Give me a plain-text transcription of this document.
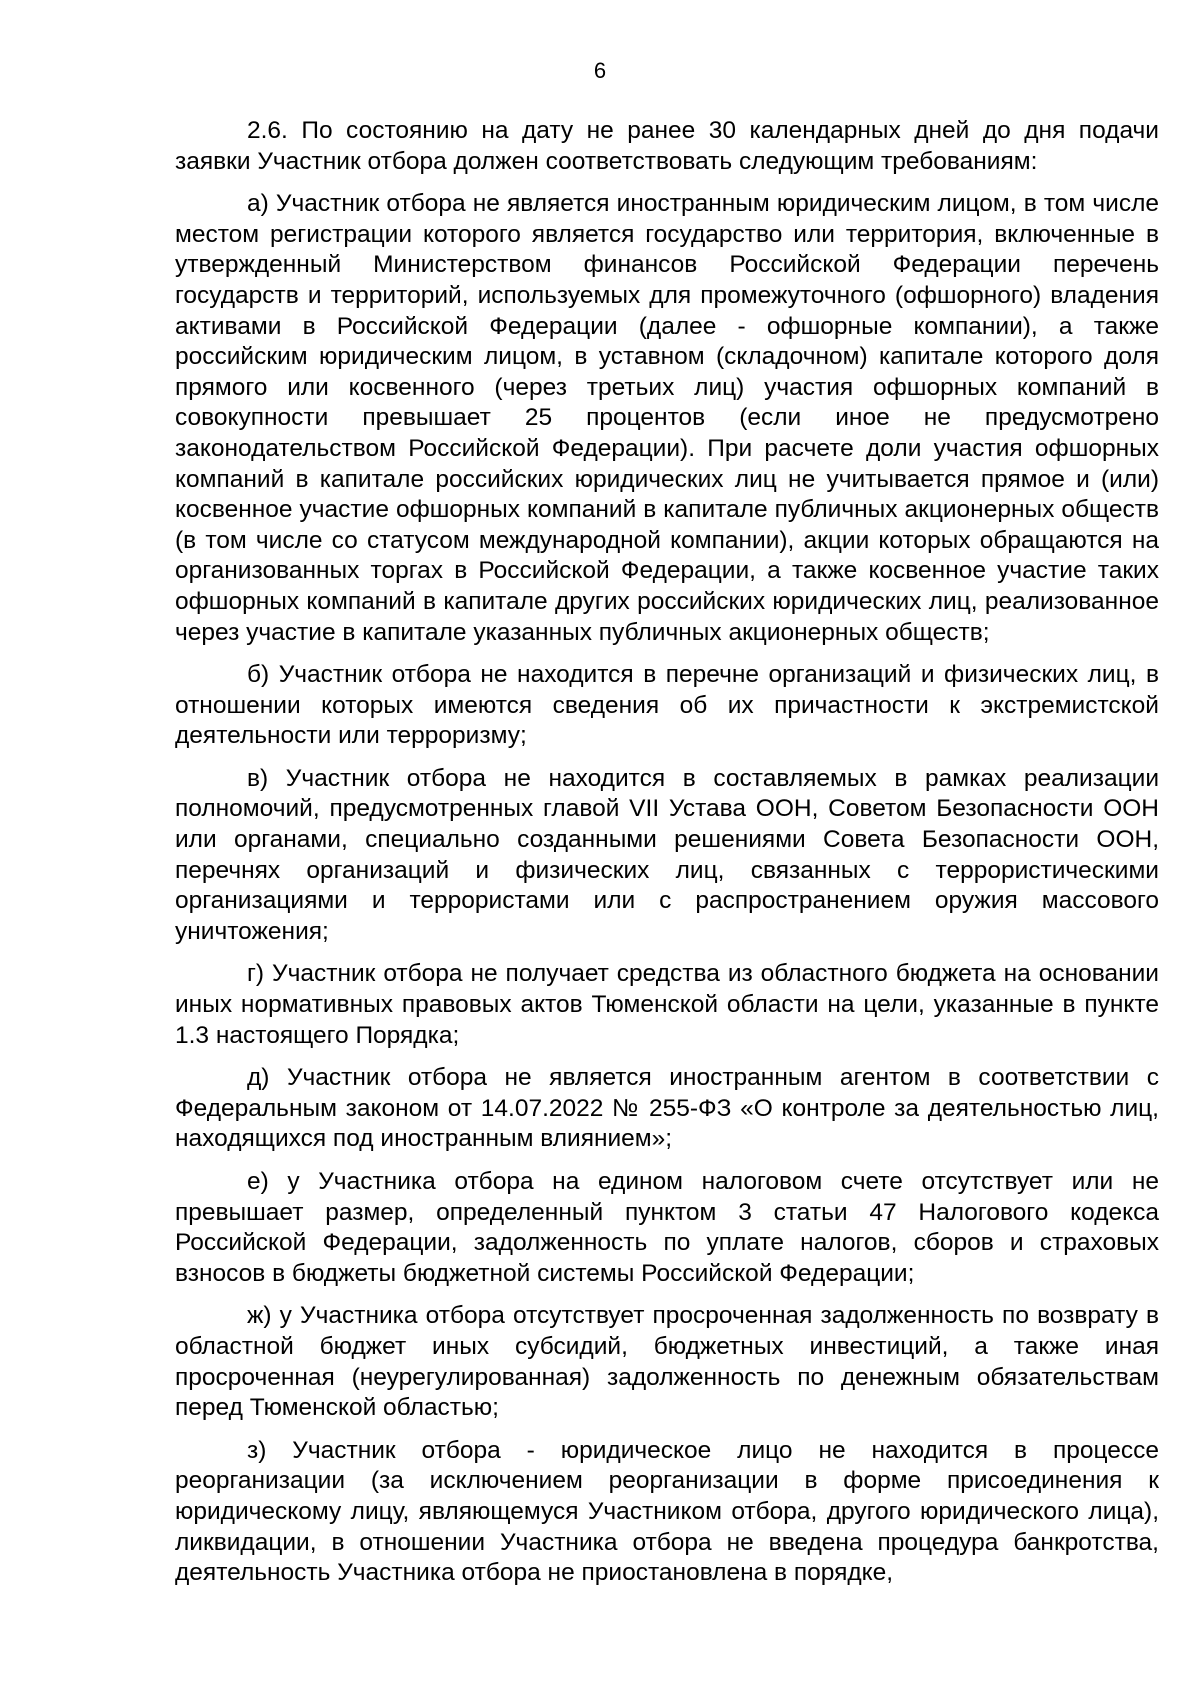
6

2.6. По состоянию на дату не ранее 30 календарных дней до дня подачи заявки Участник отбора должен соответствовать следующим требованиям:

а) Участник отбора не является иностранным юридическим лицом, в том числе местом регистрации которого является государство или территория, включенные в утвержденный Министерством финансов Российской Федерации перечень государств и территорий, используемых для промежуточного (офшорного) владения активами в Российской Федерации (далее - офшорные компании), а также российским юридическим лицом, в уставном (складочном) капитале которого доля прямого или косвенного (через третьих лиц) участия офшорных компаний в совокупности превышает 25 процентов (если иное не предусмотрено законодательством Российской Федерации). При расчете доли участия офшорных компаний в капитале российских юридических лиц не учитывается прямое и (или) косвенное участие офшорных компаний в капитале публичных акционерных обществ (в том числе со статусом международной компании), акции которых обращаются на организованных торгах в Российской Федерации, а также косвенное участие таких офшорных компаний в капитале других российских юридических лиц, реализованное через участие в капитале указанных публичных акционерных обществ;

б) Участник отбора не находится в перечне организаций и физических лиц, в отношении которых имеются сведения об их причастности к экстремистской деятельности или терроризму;

в) Участник отбора не находится в составляемых в рамках реализации полномочий, предусмотренных главой VII Устава ООН, Советом Безопасности ООН или органами, специально созданными решениями Совета Безопасности ООН, перечнях организаций и физических лиц, связанных с террористическими организациями и террористами или с распространением оружия массового уничтожения;

г) Участник отбора не получает средства из областного бюджета на основании иных нормативных правовых актов Тюменской области на цели, указанные в пункте 1.3 настоящего Порядка;

д) Участник отбора не является иностранным агентом в соответствии с Федеральным законом от 14.07.2022 № 255-ФЗ «О контроле за деятельностью лиц, находящихся под иностранным влиянием»;

е) у Участника отбора на едином налоговом счете отсутствует или не превышает размер, определенный пунктом 3 статьи 47 Налогового кодекса Российской Федерации, задолженность по уплате налогов, сборов и страховых взносов в бюджеты бюджетной системы Российской Федерации;

ж) у Участника отбора отсутствует просроченная задолженность по возврату в областной бюджет иных субсидий, бюджетных инвестиций, а также иная просроченная (неурегулированная) задолженность по денежным обязательствам перед Тюменской областью;

з) Участник отбора - юридическое лицо не находится в процессе реорганизации (за исключением реорганизации в форме присоединения к юридическому лицу, являющемуся Участником отбора, другого юридического лица), ликвидации, в отношении Участника отбора не введена процедура банкротства, деятельность Участника отбора не приостановлена в порядке,
